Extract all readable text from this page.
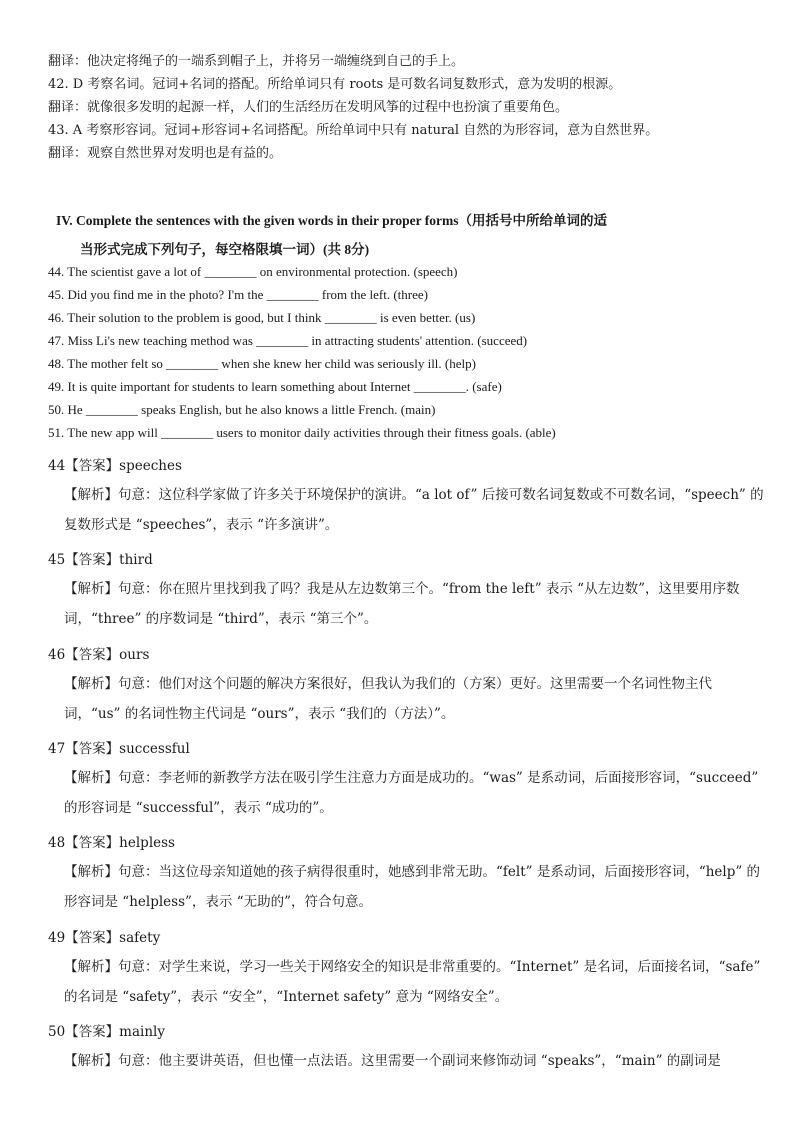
翻译：他决定将绳子的一端系到帽子上，并将另一端缠绕到自己的手上。
42. D 考察名词。冠词+名词的搭配。所给单词只有 roots 是可数名词复数形式，意为发明的根源。
翻译：就像很多发明的起源一样，人们的生活经历在发明风筝的过程中也扮演了重要角色。
43. A 考察形容词。冠词+形容词+名词搭配。所给单词中只有 natural 自然的为形容词，意为自然世界。
翻译：观察自然世界对发明也是有益的。
IV. Complete the sentences with the given words in their proper forms（用括号中所给单词的适
当形式完成下列句子，每空格限填一词）(共 8分)
44. The scientist gave a lot of ________ on environmental protection. (speech)
45. Did you find me in the photo? I'm the ________ from the left. (three)
46. Their solution to the problem is good, but I think ________ is even better. (us)
47. Miss Li's new teaching method was ________ in attracting students' attention. (succeed)
48. The mother felt so ________ when she knew her child was seriously ill. (help)
49. It is quite important for students to learn something about Internet ________. (safe)
50. He ________ speaks English, but he also knows a little French. (main)
51. The new app will ________ users to monitor daily activities through their fitness goals. (able)
44【答案】speeches
【解析】句意：这位科学家做了许多关于环境保护的演讲。“a lot of” 后接可数名词复数或不可数名词，“speech” 的复数形式是 “speeches”，表示 “许多演讲”。
45【答案】third
【解析】句意：你在照片里找到我了吗？我是从左边数第三个。“from the left” 表示 “从左边数”，这里要用序数词，“three” 的序数词是 “third”，表示 “第三个”。
46【答案】ours
【解析】句意：他们对这个问题的解决方案很好，但我认为我们的（方案）更好。这里需要一个名词性物主代词，“us” 的名词性物主代词是 “ours”，表示 “我们的（方法）”。
47【答案】successful
【解析】句意：李老师的新教学方法在吸引学生注意力方面是成功的。“was” 是系动词，后面接形容词，“succeed” 的形容词是 “successful”，表示 “成功的”。
48【答案】helpless
【解析】句意：当这位母亲知道她的孩子病得很重时，她感到非常无助。“felt” 是系动词，后面接形容词，“help” 的形容词是 “helpless”，表示 “无助的”，符合句意。
49【答案】safety
【解析】句意：对学生来说，学习一些关于网络安全的知识是非常重要的。“Internet” 是名词，后面接名词，“safe” 的名词是 “safety”，表示 “安全”，“Internet safety” 意为 “网络安全”。
50【答案】mainly
【解析】句意：他主要讲英语，但也懂一点法语。这里需要一个副词来修饰动词 “speaks”，“main” 的副词是
